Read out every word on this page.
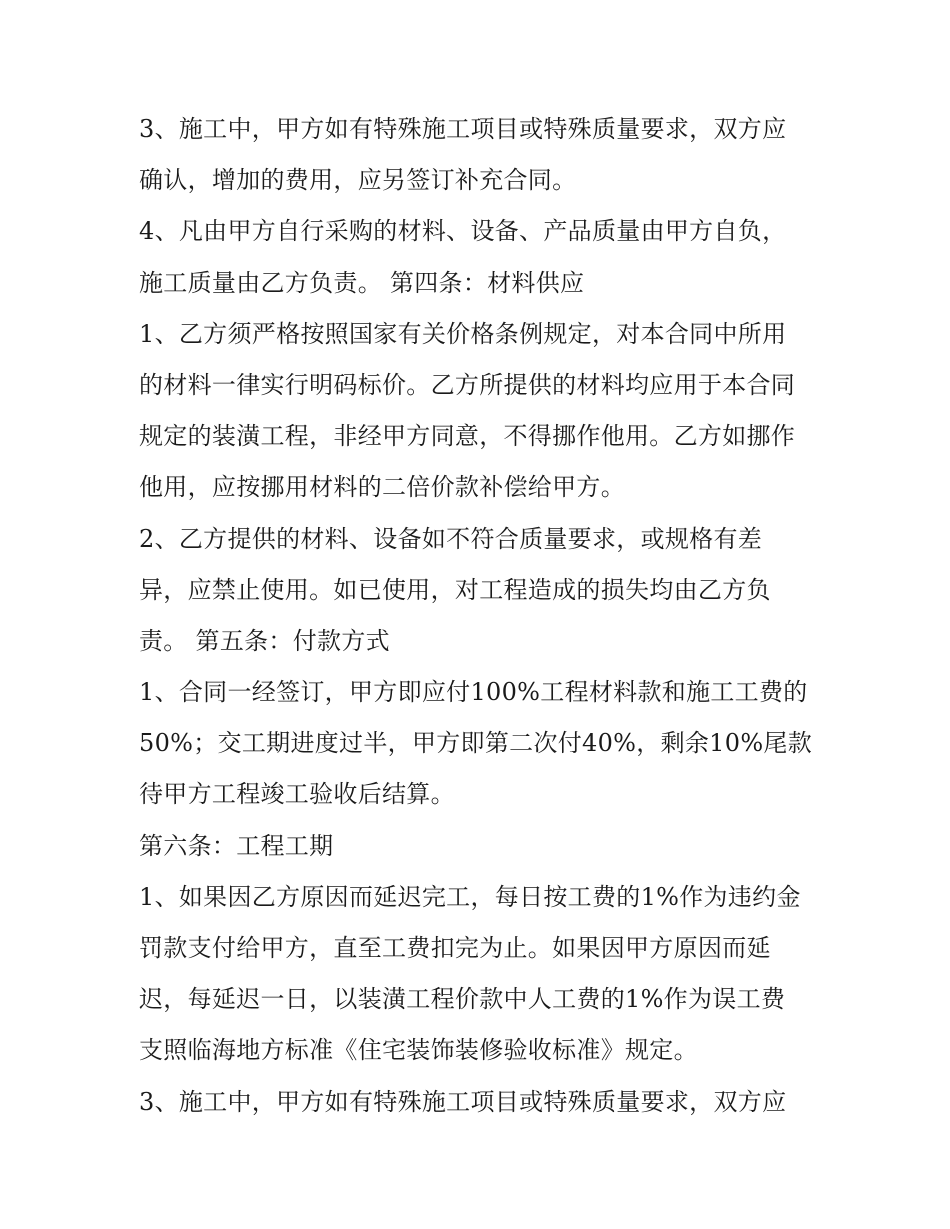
3、施工中，甲方如有特殊施工项目或特殊质量要求，双方应
确认，增加的费用，应另签订补充合同。
4、凡由甲方自行采购的材料、设备、产品质量由甲方自负，
施工质量由乙方负责。 第四条：材料供应
1、乙方须严格按照国家有关价格条例规定，对本合同中所用
的材料一律实行明码标价。乙方所提供的材料均应用于本合同
规定的装潢工程，非经甲方同意，不得挪作他用。乙方如挪作
他用，应按挪用材料的二倍价款补偿给甲方。
2、乙方提供的材料、设备如不符合质量要求，或规格有差
异，应禁止使用。如已使用，对工程造成的损失均由乙方负
责。 第五条：付款方式
1、合同一经签订，甲方即应付100%工程材料款和施工工费的
50%；交工期进度过半，甲方即第二次付40%，剩余10%尾款
待甲方工程竣工验收后结算。
第六条：工程工期
1、如果因乙方原因而延迟完工，每日按工费的1%作为违约金
罚款支付给甲方，直至工费扣完为止。如果因甲方原因而延
迟，每延迟一日，以装潢工程价款中人工费的1%作为误工费
支照临海地方标准《住宅装饰装修验收标准》规定。
3、施工中，甲方如有特殊施工项目或特殊质量要求，双方应
